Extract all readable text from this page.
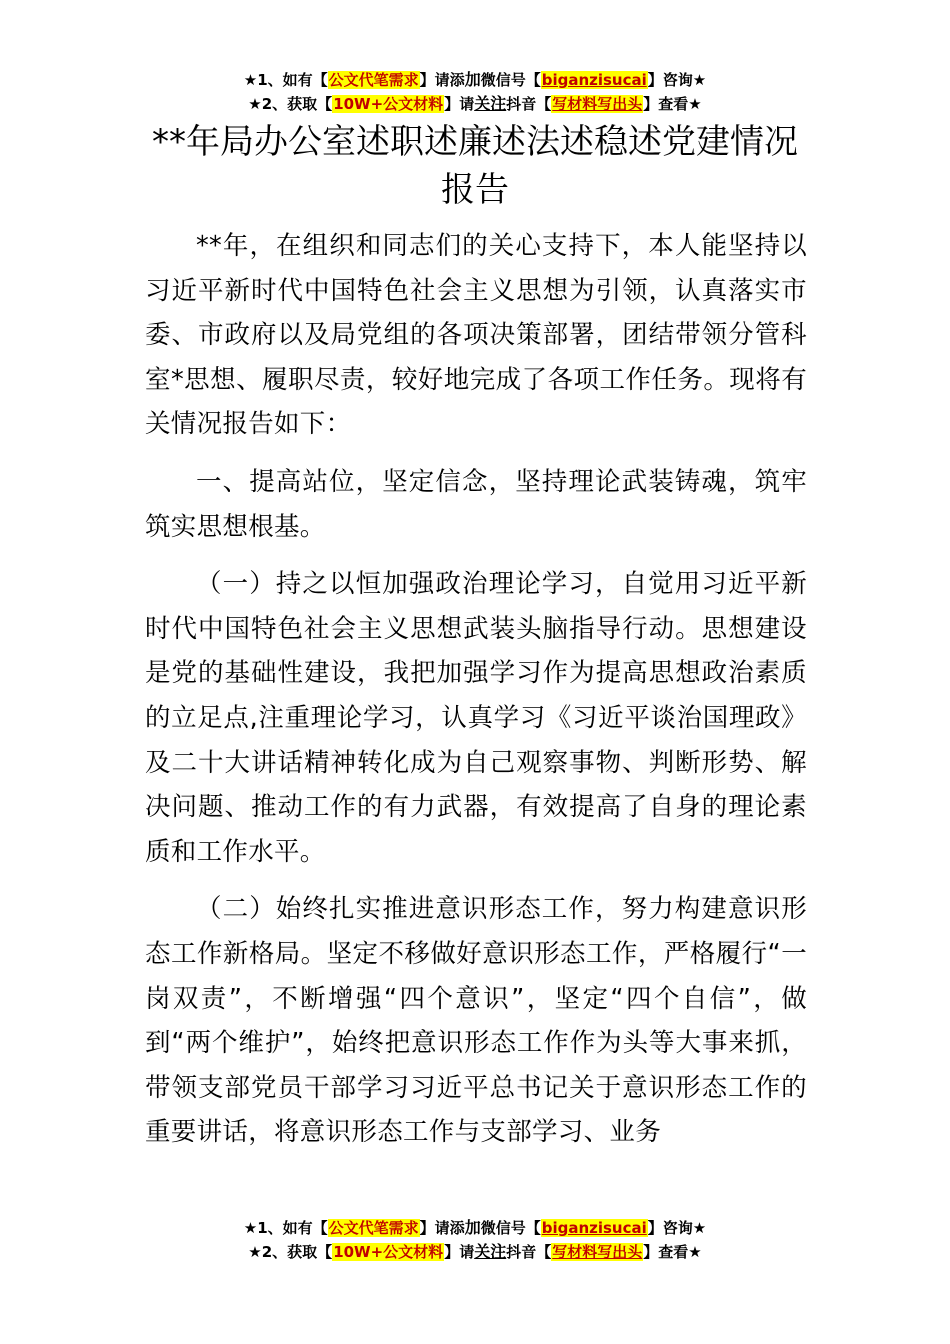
★1、如有【公文代笔需求】请添加微信号【biganzisucai】咨询★
★2、获取【10W+公文材料】请关注抖音【写材料写出头】查看★
**年局办公室述职述廉述法述稳述党建情况报告

**年，在组织和同志们的关心支持下，本人能坚持以习近平新时代中国特色社会主义思想为引领，认真落实市委、市政府以及局党组的各项决策部署，团结带领分管科室*思想、履职尽责，较好地完成了各项工作任务。现将有关情况报告如下：

一、提高站位，坚定信念，坚持理论武装铸魂，筑牢筑实思想根基。

（一）持之以恒加强政治理论学习，自觉用习近平新时代中国特色社会主义思想武装头脑指导行动。思想建设是党的基础性建设，我把加强学习作为提高思想政治素质的立足点,注重理论学习，认真学习《习近平谈治国理政》及二十大讲话精神转化成为自己观察事物、判断形势、解决问题、推动工作的有力武器，有效提高了自身的理论素质和工作水平。

（二）始终扎实推进意识形态工作，努力构建意识形态工作新格局。坚定不移做好意识形态工作，严格履行“一岗双责”，不断增强“四个意识”，坚定“四个自信”，做到“两个维护”，始终把意识形态工作作为头等大事来抓，带领支部党员干部学习习近平总书记关于意识形态工作的重要讲话，将意识形态工作与支部学习、业务

★1、如有【公文代笔需求】请添加微信号【biganzisucai】咨询★
★2、获取【10W+公文材料】请关注抖音【写材料写出头】查看★
